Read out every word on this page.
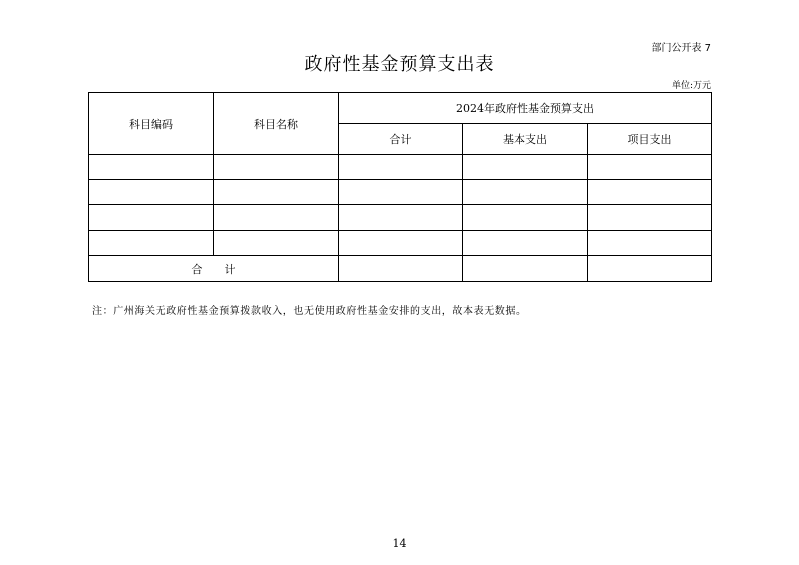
部门公开表 7
政府性基金预算支出表
单位:万元
科目编码	科目名称	2024年政府性基金预算支出		
		合计	基本支出	项目支出

合　　计				
注：广州海关无政府性基金预算拨款收入，也无使用政府性基金安排的支出，故本表无数据。
14
